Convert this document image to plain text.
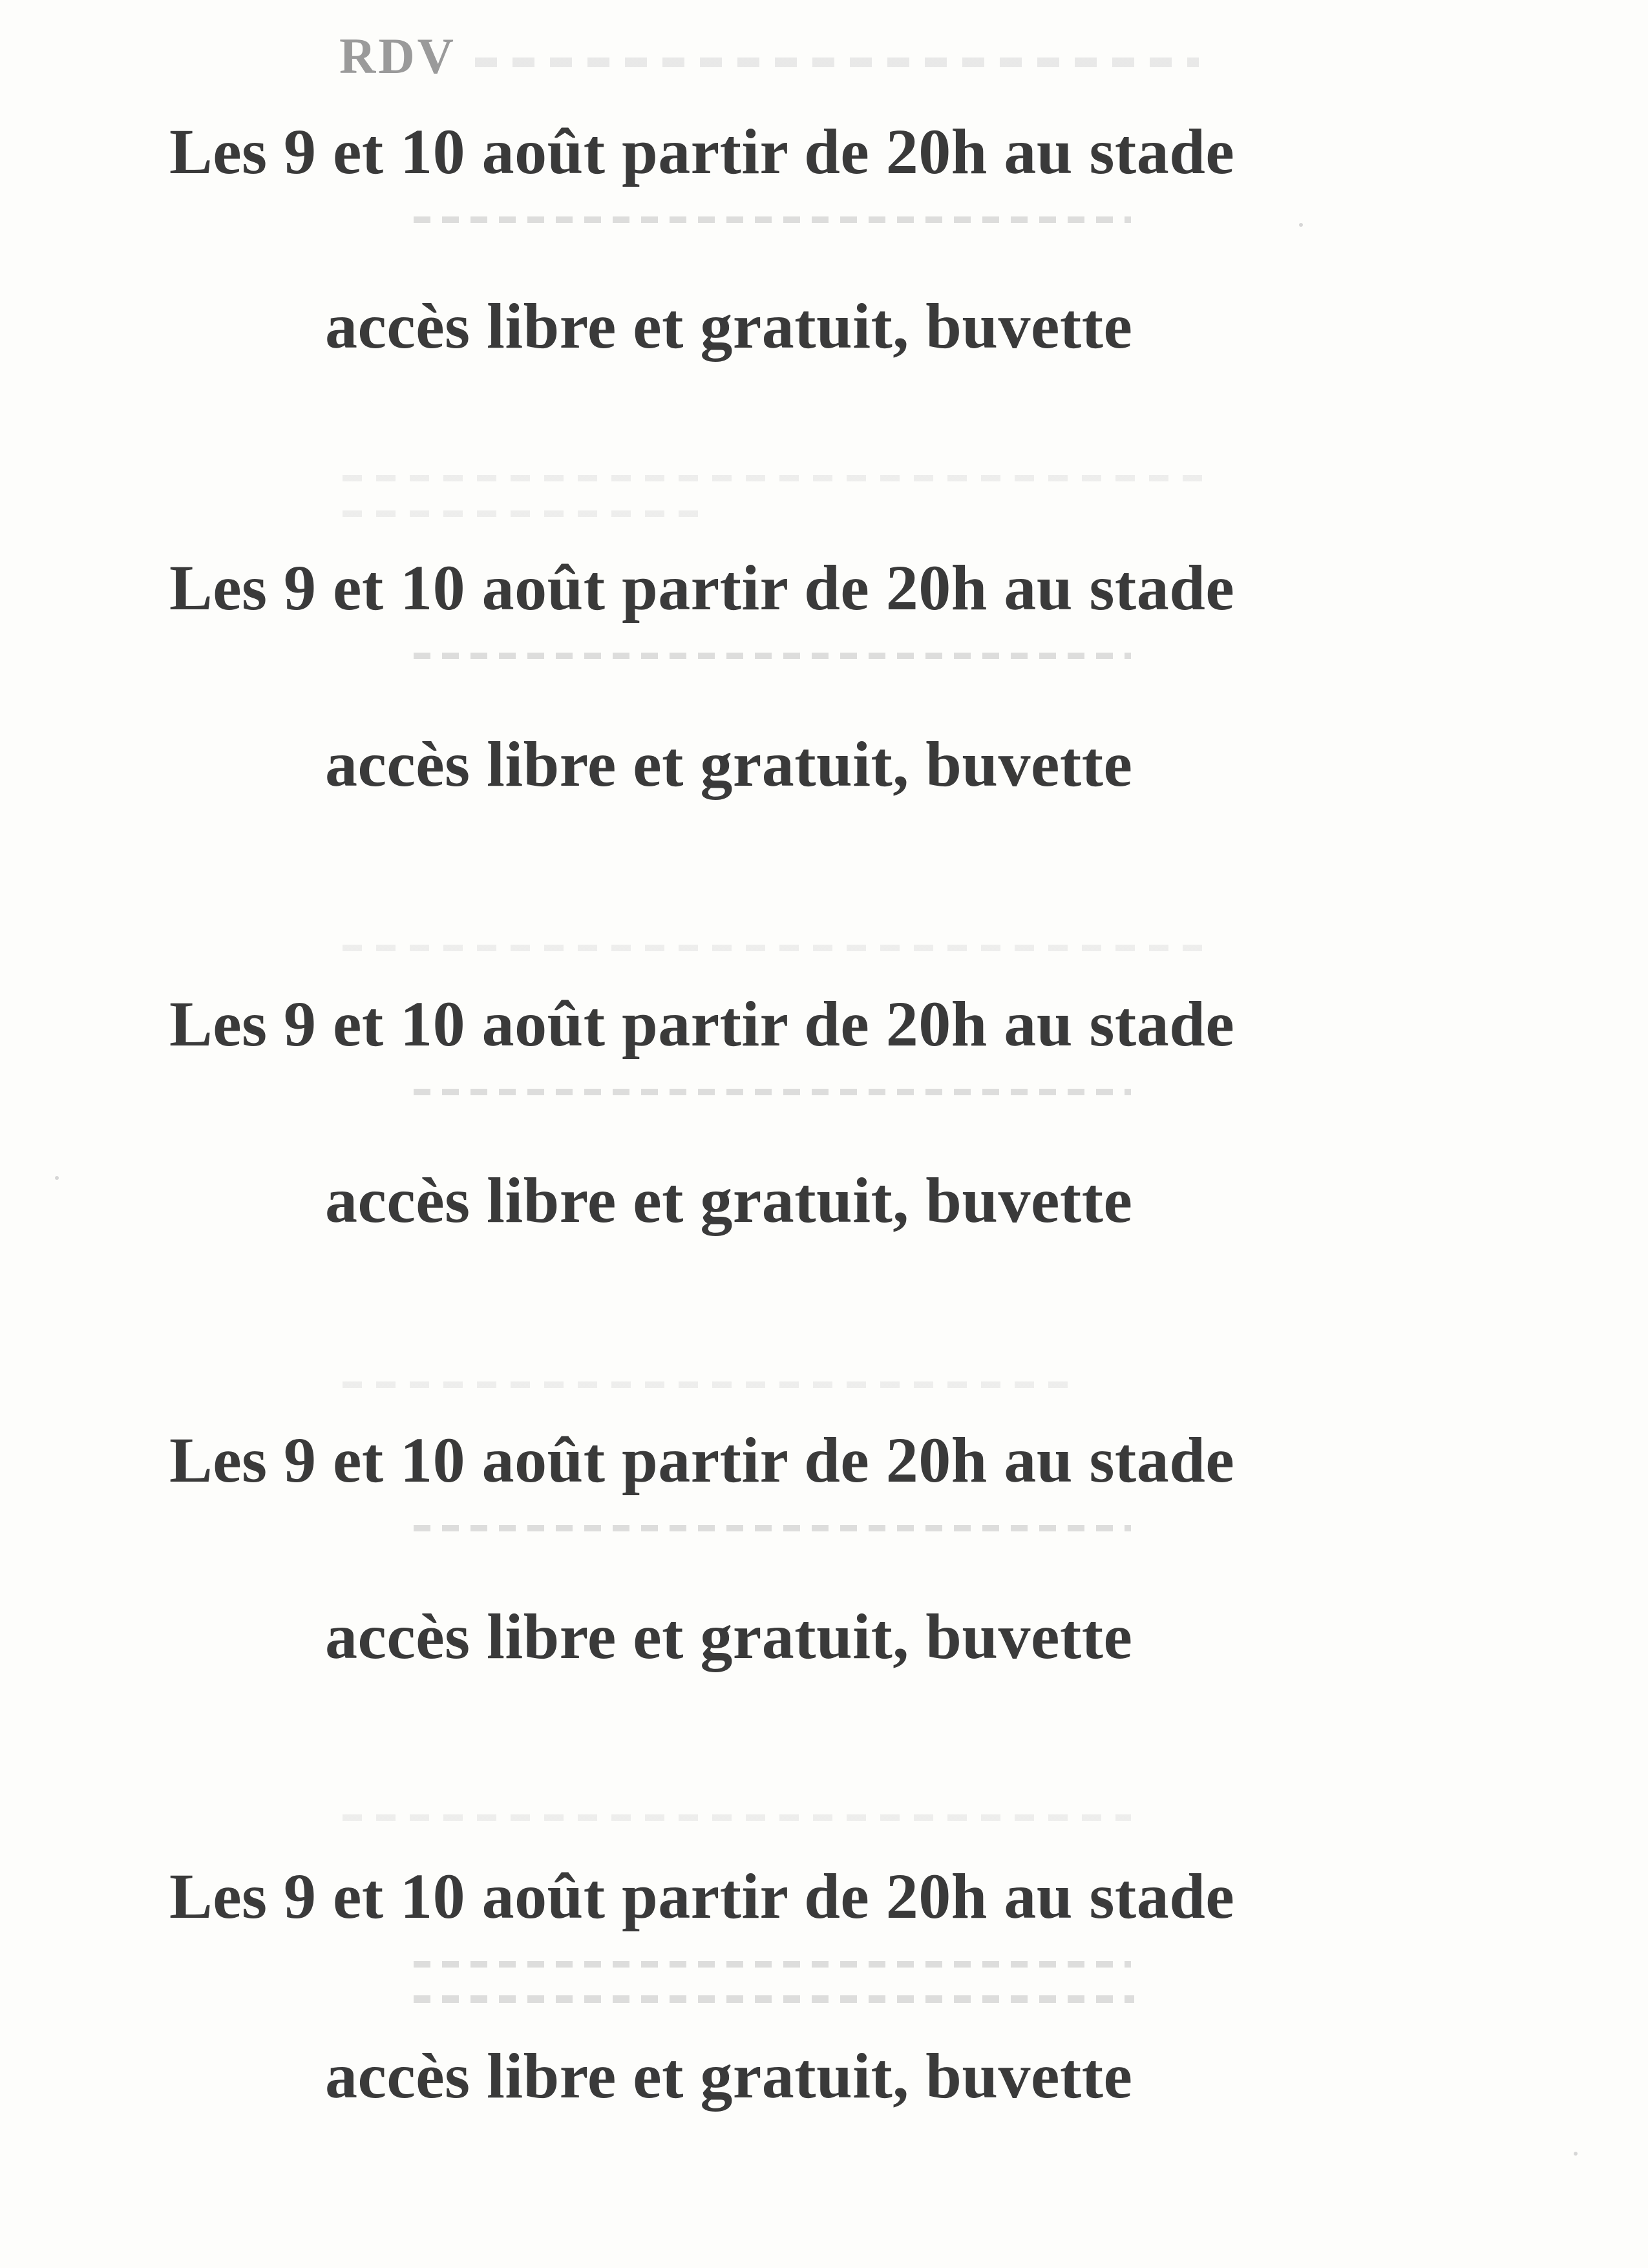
RDV
Les 9 et 10 août partir de 20h au stade
accès libre et gratuit, buvette
Les 9 et 10 août partir de 20h au stade
accès libre et gratuit, buvette
Les 9 et 10 août partir de 20h au stade
accès libre et gratuit, buvette
Les 9 et 10 août partir de 20h au stade
accès libre et gratuit, buvette
Les 9 et 10 août partir de 20h au stade
accès libre et gratuit, buvette
